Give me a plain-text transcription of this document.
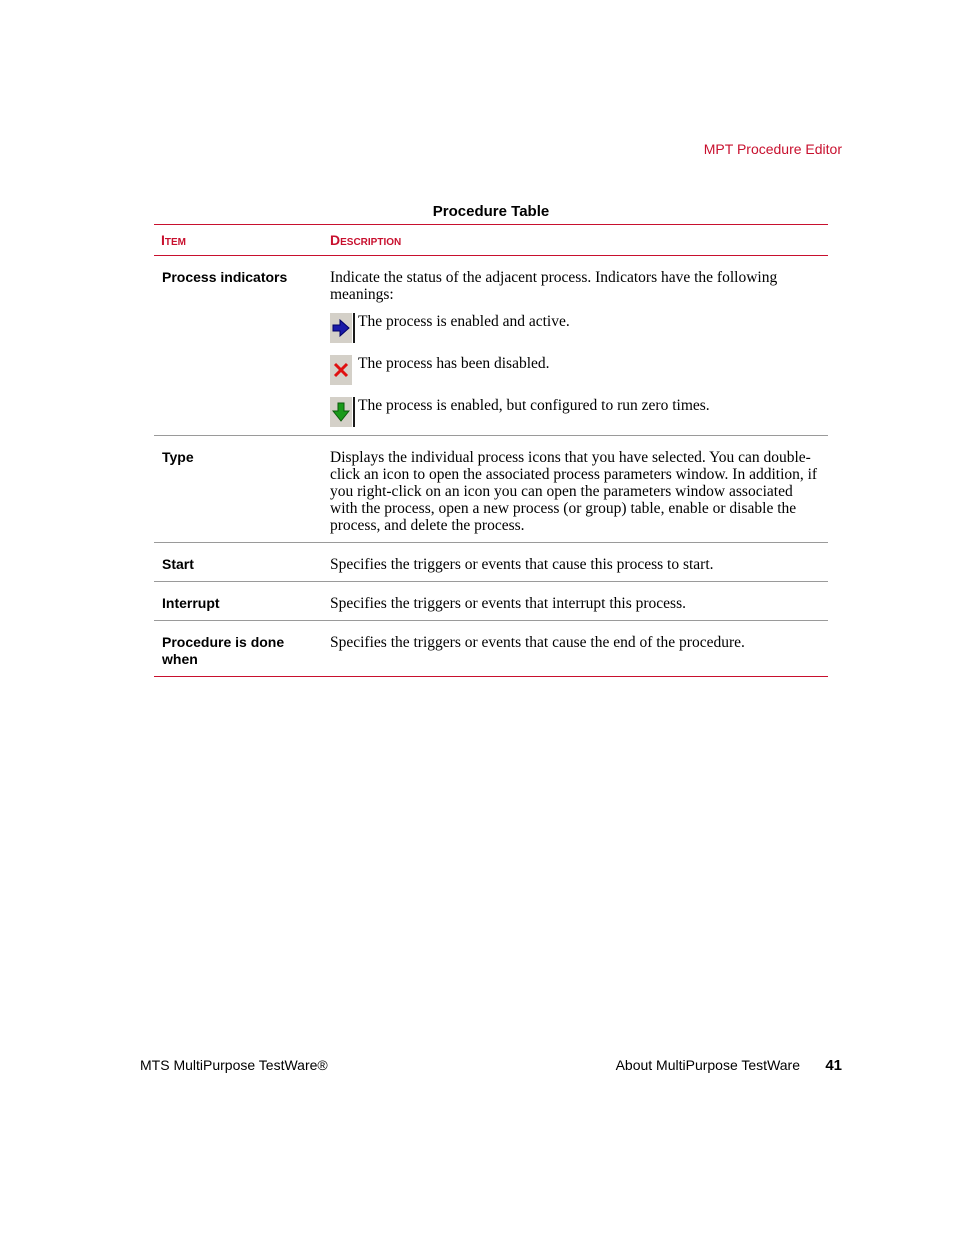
MPT Procedure Editor
Procedure Table
Item	Description
Process indicators	Indicate the status of the adjacent process. Indicators have the following meanings:
The process is enabled and active.
The process has been disabled.
The process is enabled, but configured to run zero times.

Type	Displays the individual process icons that you have selected. You can double-click an icon to open the associated process parameters window. In addition, if you right-click on an icon you can open the parameters window associated with the process, open a new process (or group) table, enable or disable the process, and delete the process.
Start	Specifies the triggers or events that cause this process to start.
Interrupt	Specifies the triggers or events that interrupt this process.
Procedure is done when	Specifies the triggers or events that cause the end of the procedure.
MTS MultiPurpose TestWare®	About MultiPurpose TestWare 41
